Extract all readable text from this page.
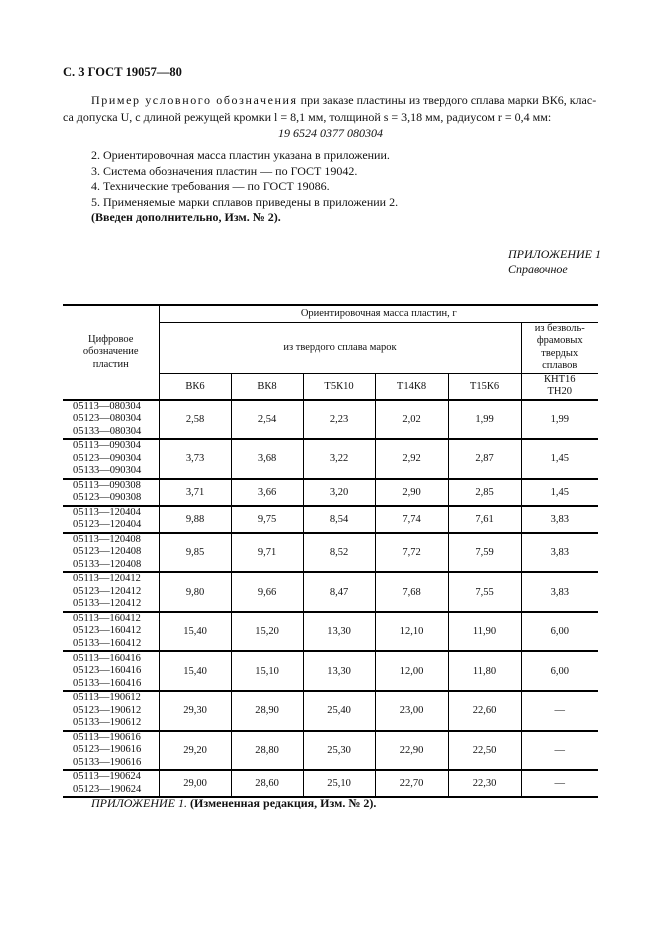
С. 3 ГОСТ 19057—80
Пример условного обозначения при заказе пластины из твердого сплава марки ВК6, клас-
са допуска U, с длиной режущей кромки l = 8,1 мм, толщиной s = 3,18 мм, радиусом r = 0,4 мм:
19 6524 0377 080304
2. Ориентировочная масса пластин указана в приложении.
3. Система обозначения пластин — по ГОСТ 19042.
4. Технические требования — по ГОСТ 19086.
5. Применяемые марки сплавов приведены в приложении 2.
(Введен дополнительно, Изм. № 2).
ПРИЛОЖЕНИЕ 1
Справочное
Цифровое обозначение пластин	Ориентировочная масса пластин, г					
	из твердого сплава марок					из безволь-фрамовых твердых сплавов
	ВК6	ВК8	Т5К10	Т14К8	Т15К6	КНТ16 ТН20

05113—080304
05123—080304
05133—080304	2,58	2,54	2,23	2,02	1,99	1,99

05113—090304
05123—090304
05133—090304	3,73	3,68	3,22	2,92	2,87	1,45

05113—090308
05123—090308	3,71	3,66	3,20	2,90	2,85	1,45

05113—120404
05123—120404	9,88	9,75	8,54	7,74	7,61	3,83

05113—120408
05123—120408
05133—120408	9,85	9,71	8,52	7,72	7,59	3,83

05113—120412
05123—120412
05133—120412	9,80	9,66	8,47	7,68	7,55	3,83

05113—160412
05123—160412
05133—160412	15,40	15,20	13,30	12,10	11,90	6,00

05113—160416
05123—160416
05133—160416	15,40	15,10	13,30	12,00	11,80	6,00

05113—190612
05123—190612
05133—190612	29,30	28,90	25,40	23,00	22,60	—

05113—190616
05123—190616
05133—190616	29,20	28,80	25,30	22,90	22,50	—

05113—190624
05123—190624	29,00	28,60	25,10	22,70	22,30	—
ПРИЛОЖЕНИЕ 1. (Измененная редакция, Изм. № 2).
